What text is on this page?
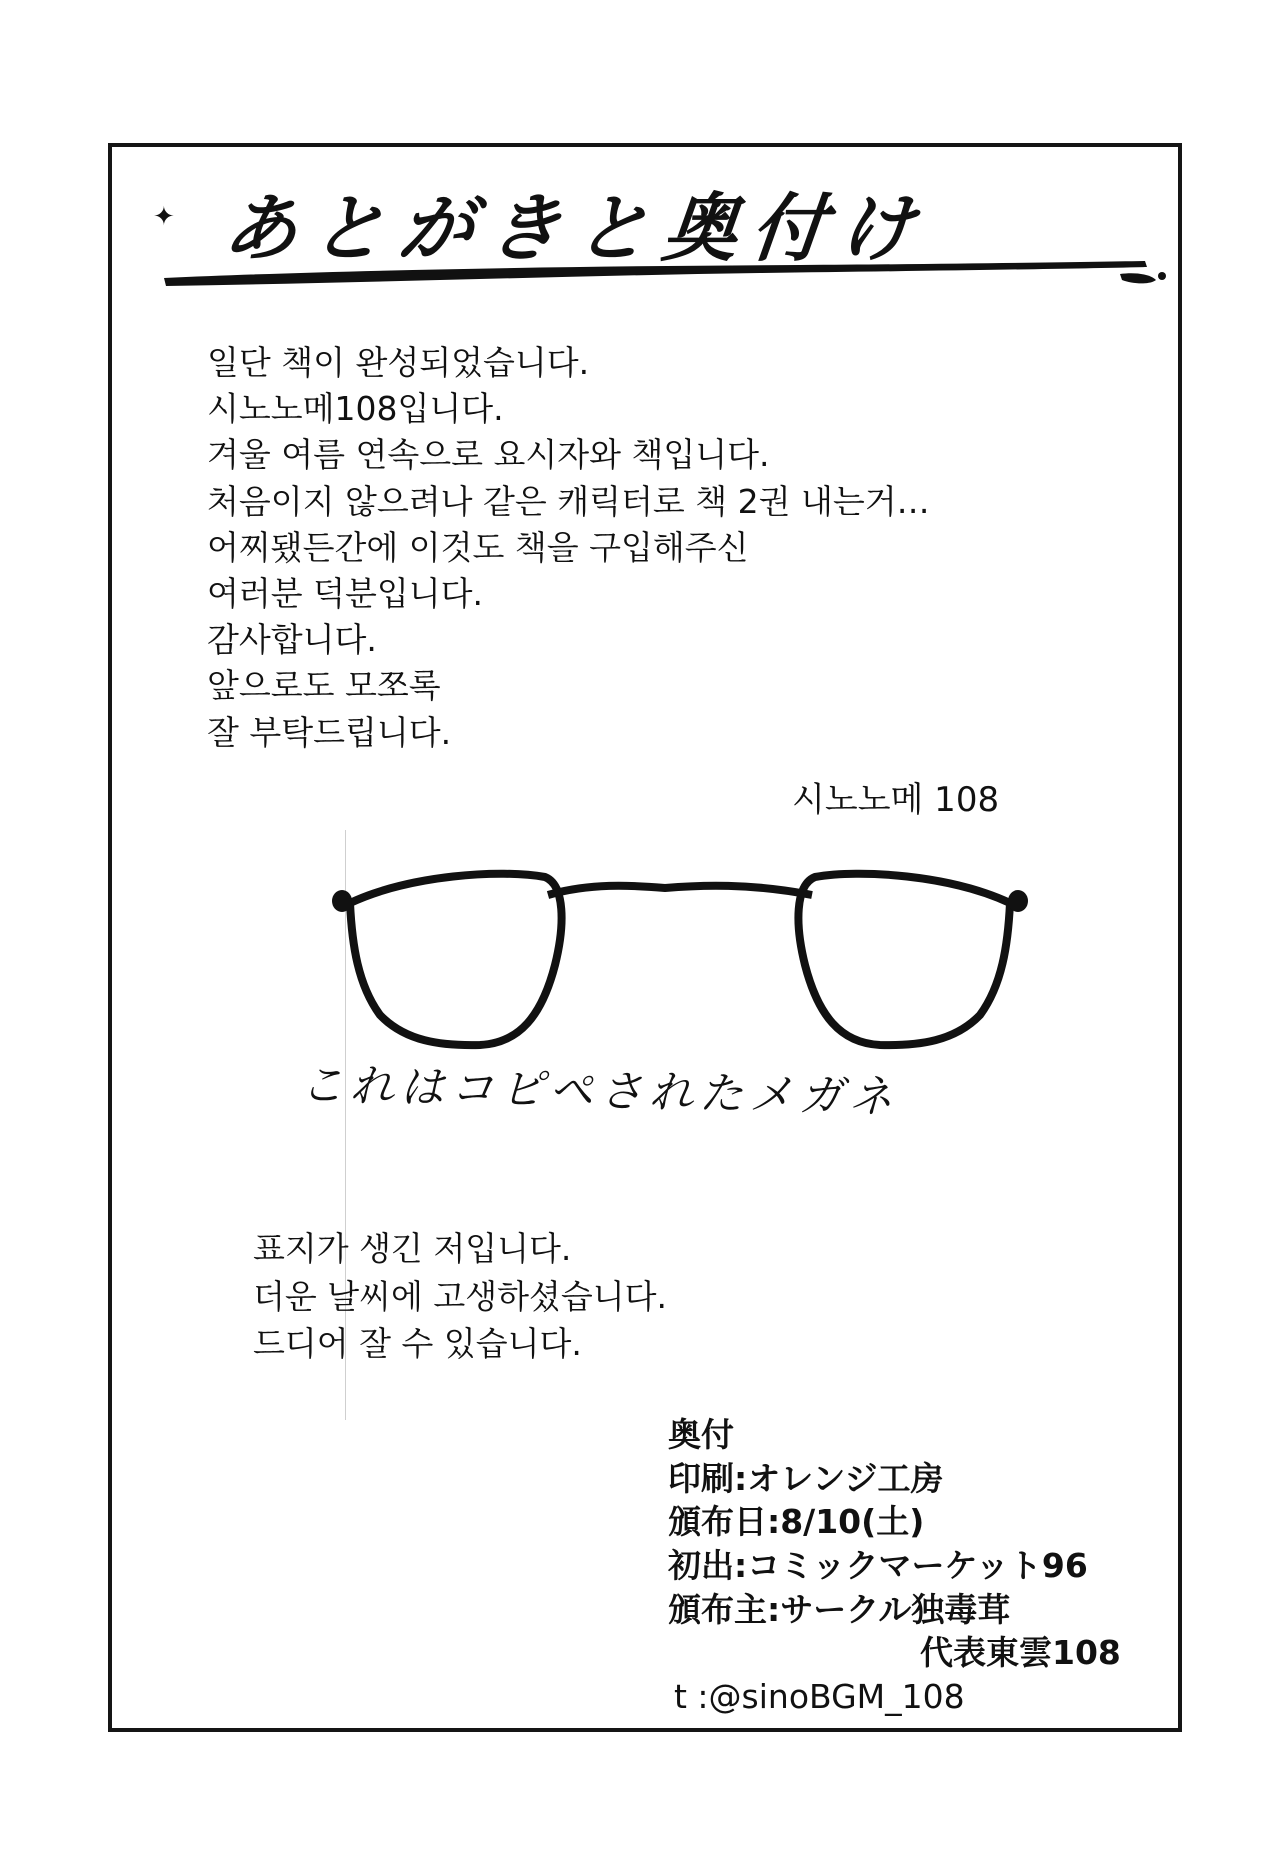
✦ あとがきと奥付け
일단 책이 완성되었습니다.
시노노메108입니다.
겨울 여름 연속으로 요시자와 책입니다.
처음이지 않으려나 같은 캐릭터로 책 2권 내는거…
어찌됐든간에 이것도 책을 구입해주신
여러분 덕분입니다.
감사합니다.
앞으로도 모쪼록
잘 부탁드립니다.
시노노메 108
これはコピペされたメガネ
표지가 생긴 저입니다.
더운 날씨에 고생하셨습니다.
드디어 잘 수 있습니다.
奥付
印刷:オレンジ工房
頒布日:8/10(土)
初出:コミックマーケット96
頒布主:サークル独毒茸
代表東雲108
t :@sinoBGM_108
